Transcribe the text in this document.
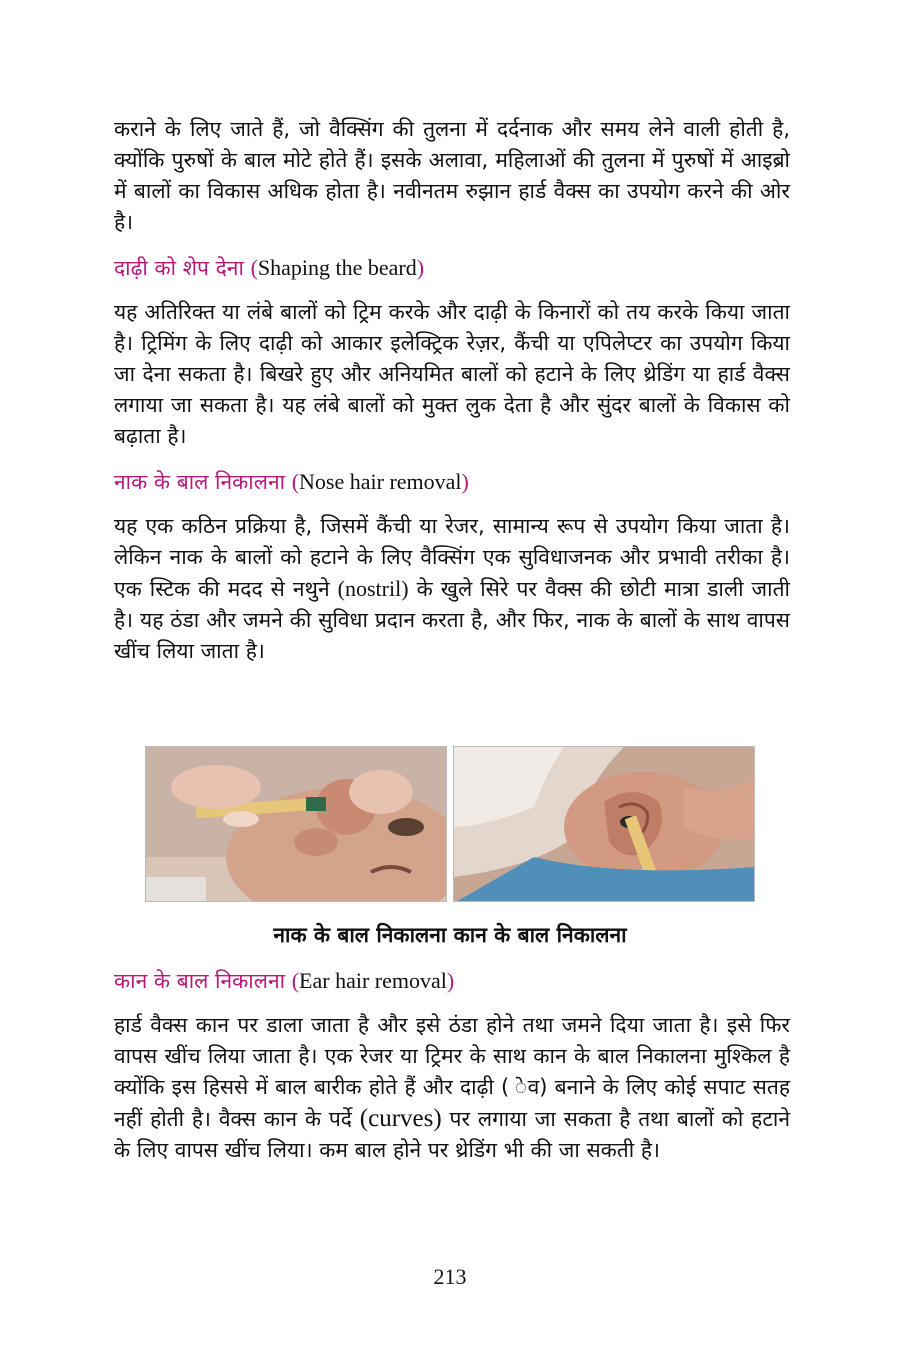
कराने के लिए जाते हैं, जो वैक्सिंग की तुलना में दर्दनाक और समय लेने वाली होती है, क्योंकि पुरुषों के बाल मोटे होते हैं। इसके अलावा, महिलाओं की तुलना में पुरुषों में आइब्रो में बालों का विकास अधिक होता है। नवीनतम रुझान हार्ड वैक्स का उपयोग करने की ओर है।

दाढ़ी को शेप देना (Shaping the beard)

यह अतिरिक्त या लंबे बालों को ट्रिम करके और दाढ़ी के किनारों को तय करके किया जाता है। ट्रिमिंग के लिए दाढ़ी को आकार इलेक्ट्रिक रेज़र, कैंची या एपिलेप्टर का उपयोग किया जा देना सकता है। बिखरे हुए और अनियमित बालों को हटाने के लिए थ्रेडिंग या हार्ड वैक्स लगाया जा सकता है। यह लंबे बालों को मुक्त लुक देता है और सुंदर बालों के विकास को बढ़ाता है।

नाक के बाल निकालना (Nose hair removal)

यह एक कठिन प्रक्रिया है, जिसमें कैंची या रेजर, सामान्य रूप से उपयोग किया जाता है। लेकिन नाक के बालों को हटाने के लिए वैक्सिंग एक सुविधाजनक और प्रभावी तरीका है। एक स्टिक की मदद से नथुने (nostril) के खुले सिरे पर वैक्स की छोटी मात्रा डाली जाती है। यह ठंडा और जमने की सुविधा प्रदान करता है, और फिर, नाक के बालों के साथ वापस खींच लिया जाता है।

नाक के बाल निकालना कान के बाल निकालना
कान के बाल निकालना (Ear hair removal)

हार्ड वैक्स कान पर डाला जाता है और इसे ठंडा होने तथा जमने दिया जाता है। इसे फिर वापस खींच लिया जाता है। एक रेजर या ट्रिमर के साथ कान के बाल निकालना मुश्किल है क्योंकि इस हिससे में बाल बारीक होते हैं और दाढ़ी ( ेव) बनाने के लिए कोई सपाट सतह नहीं होती है। वैक्स कान के पर्दे (curves) पर लगाया जा सकता है तथा बालों को हटाने के लिए वापस खींच लिया। कम बाल होने पर थ्रेडिंग भी की जा सकती है।

213
